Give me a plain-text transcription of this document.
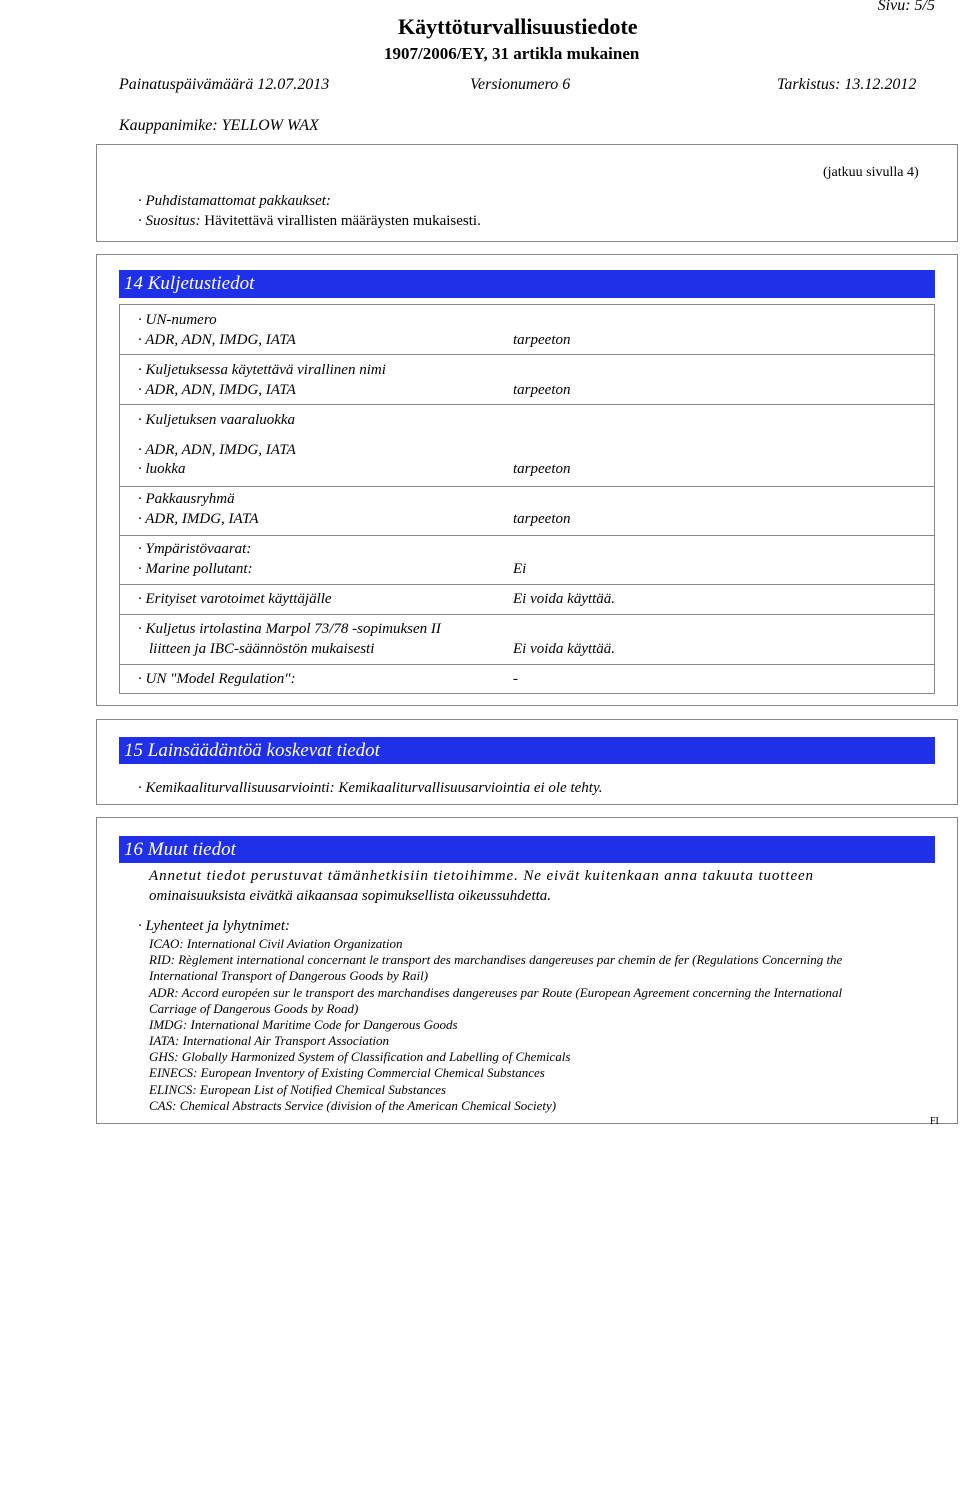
Sivu: 5/5
Käyttöturvallisuustiedote
1907/2006/EY, 31 artikla mukainen
Painatuspäivämäärä 12.07.2013	Versionumero 6	Tarkistus: 13.12.2012
Kauppanimike: YELLOW WAX
(jatkuu sivulla 4)
· Puhdistamattomat pakkaukset:
· Suositus: Hävitettävä virallisten määräysten mukaisesti.
14 Kuljetustiedot
· UN-numero
· ADR, ADN, IMDG, IATA	tarpeeton
· Kuljetuksessa käytettävä virallinen nimi
· ADR, ADN, IMDG, IATA	tarpeeton
· Kuljetuksen vaaraluokka
· ADR, ADN, IMDG, IATA
· luokka	tarpeeton
· Pakkausryhmä
· ADR, IMDG, IATA	tarpeeton
· Ympäristövaarat:
· Marine pollutant:	Ei
· Erityiset varotoimet käyttäjälle	Ei voida käyttää.
· Kuljetus irtolastina Marpol 73/78 -sopimuksen II
liitteen ja IBC-säännöstön mukaisesti	Ei voida käyttää.
· UN "Model Regulation":	-
15 Lainsäädäntöä koskevat tiedot
· Kemikaaliturvallisuusarviointi: Kemikaaliturvallisuusarviointia ei ole tehty.
16 Muut tiedot
Annetut tiedot perustuvat tämänhetkisiin tietoihimme. Ne eivät kuitenkaan anna takuuta tuotteen
ominaisuuksista eivätkä aikaansaa sopimuksellista oikeussuhdetta.
· Lyhenteet ja lyhytnimet:
ICAO: International Civil Aviation Organization
RID: Règlement international concernant le transport des marchandises dangereuses par chemin de fer (Regulations Concerning the
International Transport of Dangerous Goods by Rail)
ADR: Accord européen sur le transport des marchandises dangereuses par Route (European Agreement concerning the International
Carriage of Dangerous Goods by Road)
IMDG: International Maritime Code for Dangerous Goods
IATA: International Air Transport Association
GHS: Globally Harmonized System of Classification and Labelling of Chemicals
EINECS: European Inventory of Existing Commercial Chemical Substances
ELINCS: European List of Notified Chemical Substances
CAS: Chemical Abstracts Service (division of the American Chemical Society)
FI
